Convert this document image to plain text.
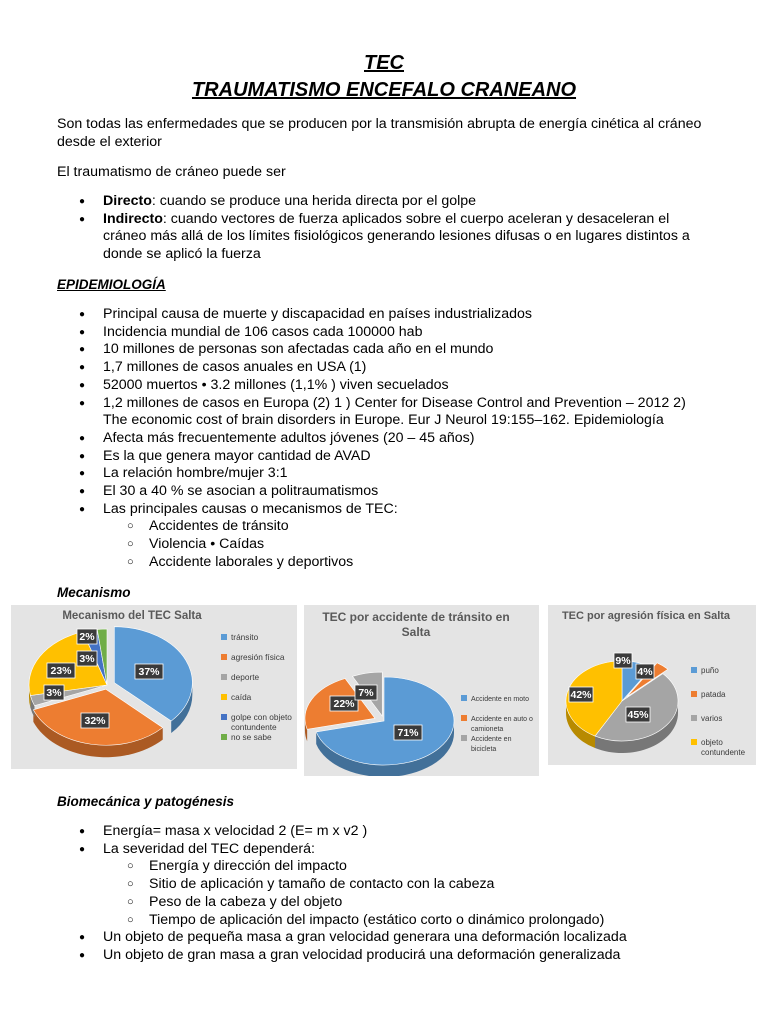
TEC
TRAUMATISMO ENCEFALO CRANEANO
Son todas las enfermedades que se producen por la transmisión abrupta de energía cinética al cráneo
desde el exterior
El traumatismo de cráneo puede ser
● Directo: cuando se produce una herida directa por el golpe
● Indirecto: cuando vectores de fuerza aplicados sobre el cuerpo aceleran y desaceleran el
cráneo más allá de los límites fisiológicos generando lesiones difusas o en lugares distintos a
donde se aplicó la fuerza
EPIDEMIOLOGÍA
● Principal causa de muerte y discapacidad en países industrializados
● Incidencia mundial de 106 casos cada 100000 hab
● 10 millones de personas son afectadas cada año en el mundo
● 1,7 millones de casos anuales en USA (1)
● 52000 muertos • 3.2 millones (1,1% ) viven secuelados
● 1,2 millones de casos en Europa (2) 1 ) Center for Disease Control and Prevention – 2012 2)
The economic cost of brain disorders in Europe. Eur J Neurol 19:155–162. Epidemiología
● Afecta más frecuentemente adultos jóvenes (20 – 45 años)
● Es la que genera mayor cantidad de AVAD
● La relación hombre/mujer 3:1
● El 30 a 40 % se asocian a politraumatismos
● Las principales causas o mecanismos de TEC:
○ Accidentes de tránsito
○ Violencia • Caídas
○ Accidente laborales y deportivos
Mecanismo
Mecanismo del TEC Salta
37%
32%
3%
23%
3%
2%	tránsito
agresión física
deporte
caída
golpe con objeto
contundente
no se sabe
TEC por accidente de tránsito en
Salta
71%
22%
7%
Accidente en moto
Accidente en auto o
camioneta
Accidente en
bicicleta
TEC por agresión física en Salta
9%
4%
45%
42%
puño
patada
varios
objeto
contundente
Biomecánica y patogénesis
● Energía= masa x velocidad 2 (E= m x v2 )
● La severidad del TEC dependerá:
○ Energía y dirección del impacto
○ Sitio de aplicación y tamaño de contacto con la cabeza
○ Peso de la cabeza y del objeto
○ Tiempo de aplicación del impacto (estático corto o dinámico prolongado)
● Un objeto de pequeña masa a gran velocidad generara una deformación localizada
● Un objeto de gran masa a gran velocidad producirá una deformación generalizada
